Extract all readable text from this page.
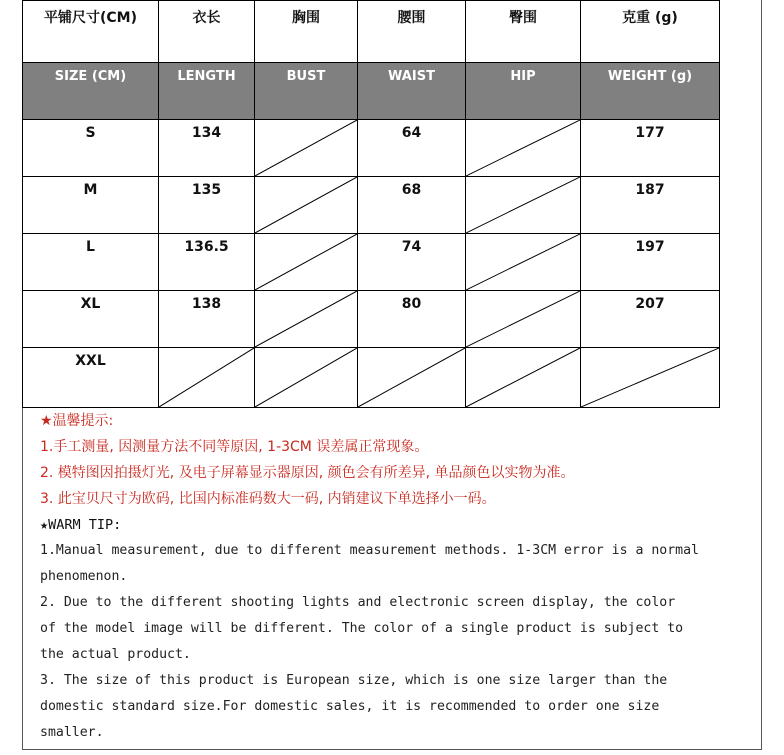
平铺尺寸(CM)	衣长	胸围	腰围	臀围	克重 (g)
SIZE (CM)	LENGTH	BUST	WAIST	HIP	WEIGHT (g)
S	134		64		177
M	135		68		187
L	136.5		74		197
XL	138		80		207
XXL	

★温馨提示:
1.手工测量, 因测量方法不同等原因, 1-3CM 误差属正常现象。
2. 模特图因拍摄灯光, 及电子屏幕显示器原因, 颜色会有所差异, 单品颜色以实物为准。
3. 此宝贝尺寸为欧码, 比国内标准码数大一码, 内销建议下单选择小一码。
★WARM TIP:
1.Manual measurement, due to different measurement methods. 1-3CM error is a normal
phenomenon.
2. Due to the different shooting lights and electronic screen display, the color
of the model image will be different. The color of a single product is subject to
the actual product.
3. The size of this product is European size, which is one size larger than the
domestic standard size.For domestic sales, it is recommended to order one size
smaller.
